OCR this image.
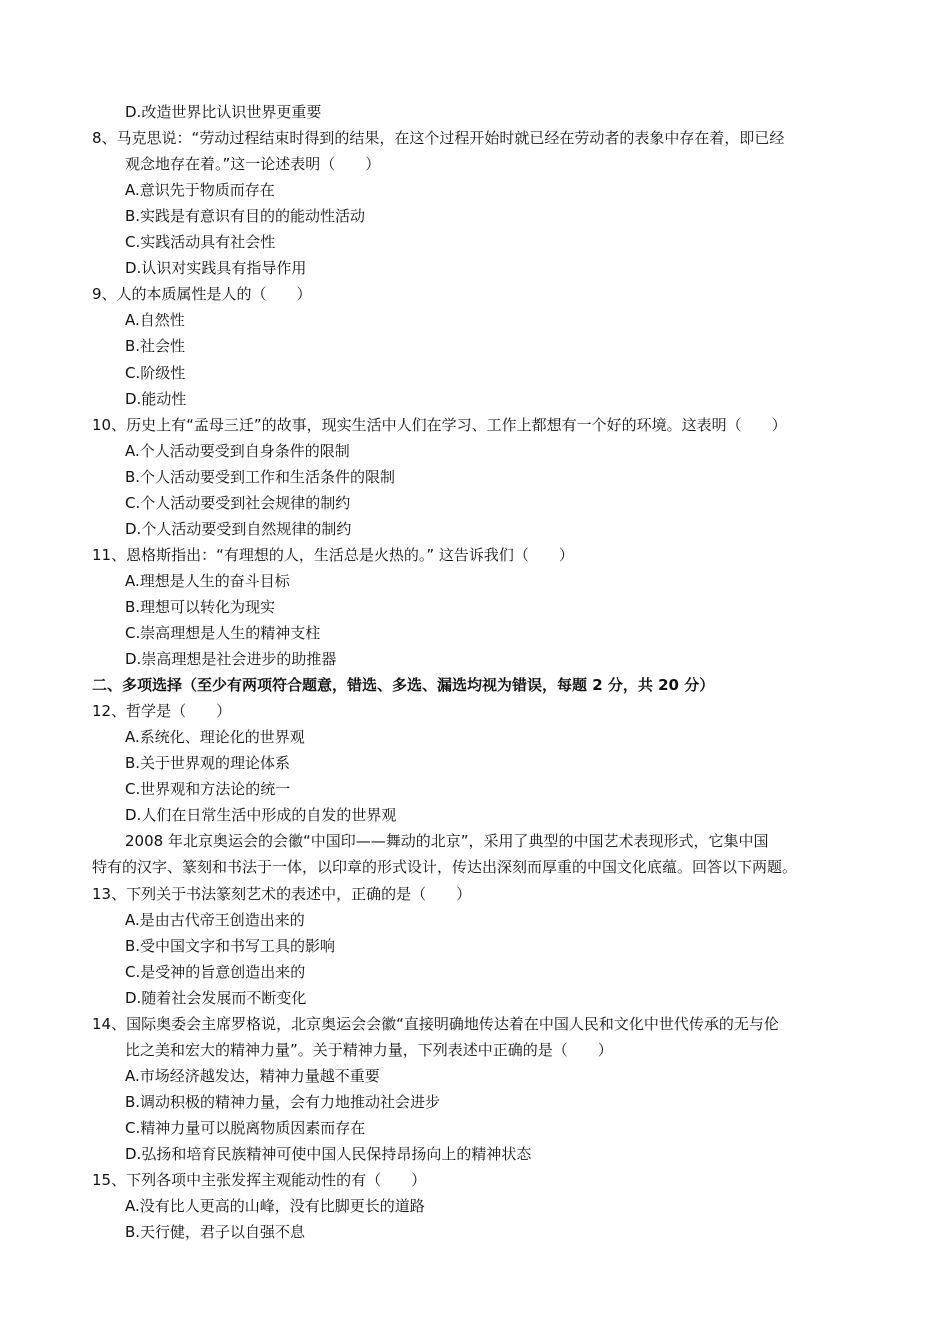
D.改造世界比认识世界更重要
8、马克思说：“劳动过程结束时得到的结果，在这个过程开始时就已经在劳动者的表象中存在着，即已经
观念地存在着。”这一论述表明（　　）
A.意识先于物质而存在
B.实践是有意识有目的的能动性活动
C.实践活动具有社会性
D.认识对实践具有指导作用
9、人的本质属性是人的（　　）
A.自然性
B.社会性
C.阶级性
D.能动性
10、历史上有“孟母三迁”的故事，现实生活中人们在学习、工作上都想有一个好的环境。这表明（　　）
A.个人活动要受到自身条件的限制
B.个人活动要受到工作和生活条件的限制
C.个人活动要受到社会规律的制约
D.个人活动要受到自然规律的制约
11、恩格斯指出：“有理想的人，生活总是火热的。” 这告诉我们（　　）
A.理想是人生的奋斗目标
B.理想可以转化为现实
C.崇高理想是人生的精神支柱
D.崇高理想是社会进步的助推器
二、多项选择（至少有两项符合题意，错选、多选、漏选均视为错误，每题 2 分，共 20 分）
12、哲学是（　　）
A.系统化、理论化的世界观
B.关于世界观的理论体系
C.世界观和方法论的统一
D.人们在日常生活中形成的自发的世界观
2008 年北京奥运会的会徽“中国印——舞动的北京”，采用了典型的中国艺术表现形式，它集中国
特有的汉字、篆刻和书法于一体，以印章的形式设计，传达出深刻而厚重的中国文化底蕴。回答以下两题。
13、下列关于书法篆刻艺术的表述中，正确的是（　　）
A.是由古代帝王创造出来的
B.受中国文字和书写工具的影响
C.是受神的旨意创造出来的
D.随着社会发展而不断变化
14、国际奥委会主席罗格说，北京奥运会会徽“直接明确地传达着在中国人民和文化中世代传承的无与伦
比之美和宏大的精神力量”。关于精神力量，下列表述中正确的是（　　）
A.市场经济越发达，精神力量越不重要
B.调动积极的精神力量，会有力地推动社会进步
C.精神力量可以脱离物质因素而存在
D.弘扬和培育民族精神可使中国人民保持昂扬向上的精神状态
15、下列各项中主张发挥主观能动性的有（　　）
A.没有比人更高的山峰，没有比脚更长的道路
B.天行健，君子以自强不息
